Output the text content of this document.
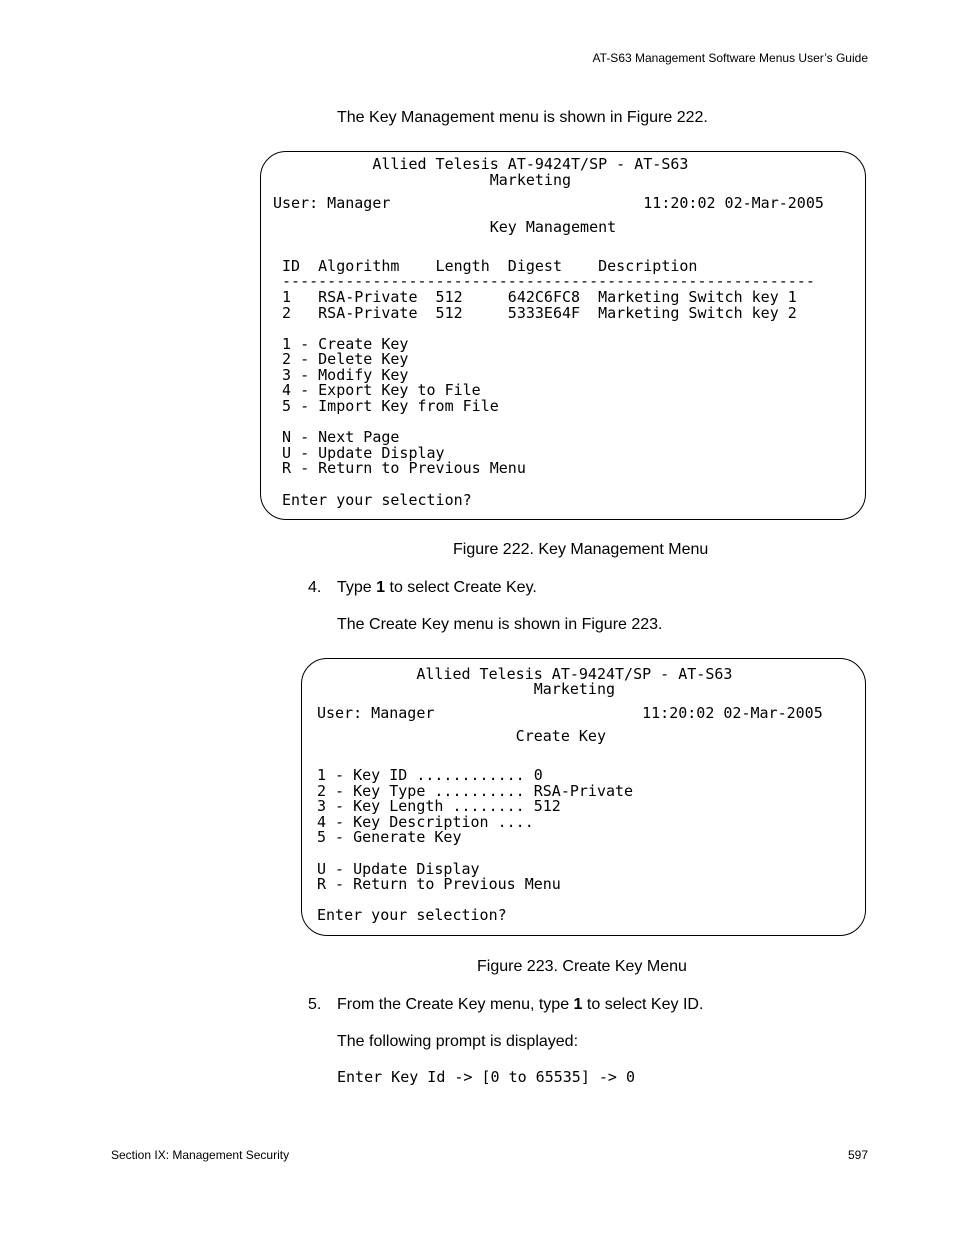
AT-S63 Management Software Menus User’s Guide
The Key Management menu is shown in Figure 222.
Allied Telesis AT-9424T/SP - AT-S63
Marketing
User: Manager                            11:20:02 02-Mar-2005
Key Management
ID  Algorithm    Length  Digest    Description
-----------------------------------------------------------
1   RSA-Private  512     642C6FC8  Marketing Switch key 1
2   RSA-Private  512     5333E64F  Marketing Switch key 2
1 - Create Key
2 - Delete Key
3 - Modify Key
4 - Export Key to File
5 - Import Key from File
N - Next Page
U - Update Display
R - Return to Previous Menu
Enter your selection?
Figure 222. Key Management Menu
4. Type 1 to select Create Key.
The Create Key menu is shown in Figure 223.
Allied Telesis AT-9424T/SP - AT-S63
Marketing
User: Manager                       11:20:02 02-Mar-2005
Create Key
1 - Key ID ............ 0
2 - Key Type .......... RSA-Private
3 - Key Length ........ 512
4 - Key Description ....
5 - Generate Key
U - Update Display
R - Return to Previous Menu
Enter your selection?
Figure 223. Create Key Menu
5. From the Create Key menu, type 1 to select Key ID.
The following prompt is displayed:
Enter Key Id -> [0 to 65535] -> 0
Section IX: Management Security	597
